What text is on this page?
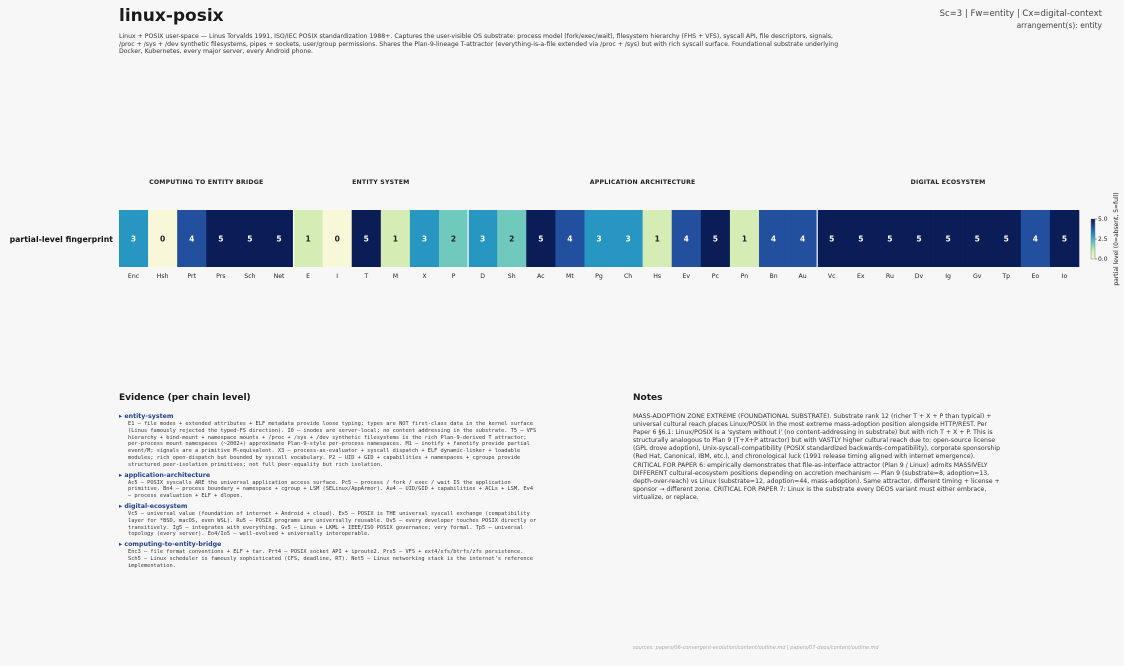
linux-posix	Sc=3 | Fw=entity | Cx=digital-context
arrangement(s): entity
Linux + POSIX user-space — Linus Torvalds 1991, ISO/IEC POSIX standardization 1988+. Captures the user-visible OS substrate: process model (fork/exec/wait), filesystem hierarchy (FHS + VFS), syscall API, file descriptors, signals, /proc + /sys + /dev synthetic filesystems, pipes + sockets, user/group permissions. Shares the Plan-9-lineage T-attractor (everything-is-a-file extended via /proc + /sys) but with rich syscall surface. Foundational substrate underlying Docker, Kubernetes, every major server, every Android phone.
COMPUTING TO ENTITY BRIDGE	ENTITY SYSTEM	APPLICATION ARCHITECTURE	DIGITAL ECOSYSTEM
partial-level fingerprint 3	0	4	5	5	5	1	0	5	1	3	2	3	2	5	4	3	3	1	4	5	1	4	4	5	5	5	5	5	5	5	4	5
Enc	Hsh	Prt	Prs	Sch	Net	E	I	T	M	X	P	D	Sh	Ac	Mt	Pg	Ch	Hs	Ev	Pc	Pn	Bn	Au	Vc	Ex	Ru	Dv	Ig	Gv	Tp	Eo	Io
5.0
2.5
0.0 partial level (0=absent, 5=full)
Evidence (per chain level)
▸ entity-system
E1 — file modes + extended attributes + ELF metadata provide loose typing; types are NOT first-class data in the kernel surface (Linus famously rejected the typed-FS direction). I0 — inodes are server-local; no content addressing in the substrate. T5 — VFS hierarchy + bind-mount + namespace mounts + /proc + /sys + /dev synthetic filesystems is the rich Plan-9-derived T attractor; per-process mount namespaces (~2002+) approximate Plan-9-style per-process namespaces. M1 — inotify + fanotify provide partial event/M; signals are a primitive M-equivalent. X3 — process-as-evaluator + syscall dispatch + ELF dynamic-linker + loadable modules; rich open-dispatch but bounded by syscall vocabulary. P2 — UID + GID + capabilities + namespaces + cgroups provide structured peer-isolation primitives; not full peer-equality but rich isolation.
▸ application-architecture
Ac5 — POSIX syscalls ARE the universal application access surface. Pc5 — process / fork / exec / wait IS the application primitive. Bn4 — process boundary + namespace + cgroup + LSM (SELinux/AppArmor). Au4 — UID/GID + capabilities + ACLs + LSM. Ev4 — process evaluation + ELF + dlopen.
▸ digital-ecosystem
Vc5 — universal value (foundation of internet + Android + cloud). Ex5 — POSIX is THE universal syscall exchange (compatibility layer for *BSD, macOS, even WSL). Ru5 — POSIX programs are universally reusable. Dv5 — every developer touches POSIX directly or transitively. Ig5 — integrates with everything. Gv5 — Linus + LKML + IEEE/ISO POSIX governance; very formal. Tp5 — universal topology (every server). Eo4/Io5 — well-evolved + universally interoperable.
▸ computing-to-entity-bridge
Enc3 — file format conventions + ELF + tar. Prt4 — POSIX socket API + iproute2. Prs5 — VFS + ext4/xfs/btrfs/zfs persistence. Sch5 — Linux scheduler is famously sophisticated (CFS, deadline, RT). Net5 — Linux networking stack is the internet's reference implementation.
Notes
MASS-ADOPTION ZONE EXTREME (FOUNDATIONAL SUBSTRATE). Substrate rank 12 (richer T + X + P than typical) + universal cultural reach places Linux/POSIX in the most extreme mass-adoption position alongside HTTP/REST. Per Paper 6 §6.1: Linux/POSIX is a 'system without I' (no content-addressing in substrate) but with rich T + X + P. This is structurally analogous to Plan 9 (T+X+P attractor) but with VASTLY higher cultural reach due to: open-source license (GPL drove adoption), Unix-syscall-compatibility (POSIX standardized backwards-compatibility), corporate sponsorship (Red Hat, Canonical, IBM, etc.), and chronological luck (1991 release timing aligned with internet emergence). CRITICAL FOR PAPER 6: empirically demonstrates that file-as-interface attractor (Plan 9 / Linux) admits MASSIVELY DIFFERENT cultural-ecosystem positions depending on accretion mechanism — Plan 9 (substrate=8, adoption=13, depth-over-reach) vs Linux (substrate=12, adoption=44, mass-adoption). Same attractor, different timing + license + sponsor → different zone. CRITICAL FOR PAPER 7: Linux is the substrate every DEOS variant must either embrace, virtualize, or replace.
sources: papers/06-convergent-evolution/content/outline.md | papers/07-deos/content/outline.md
